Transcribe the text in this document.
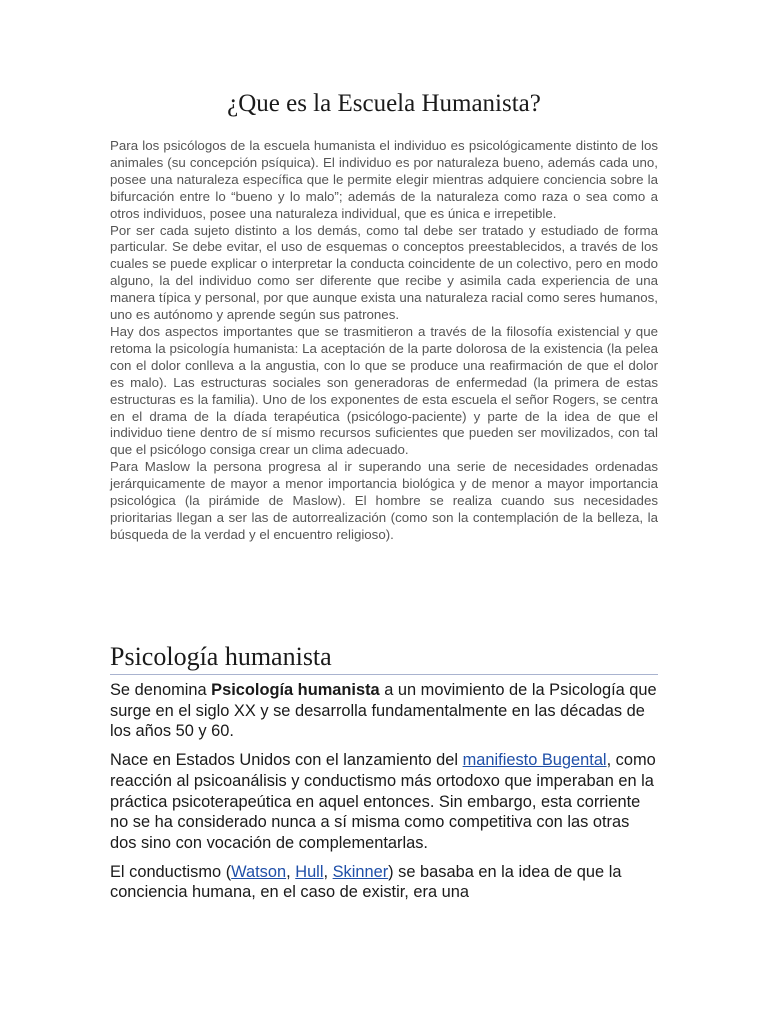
¿Que es la Escuela Humanista?

Para los psicólogos de la escuela humanista el individuo es psicológicamente distinto de los animales (su concepción psíquica). El individuo es por naturaleza bueno, además cada uno, posee una naturaleza específica que le permite elegir mientras adquiere conciencia sobre la bifurcación entre lo “bueno y lo malo”; además de la naturaleza como raza o sea como a otros individuos, posee una naturaleza individual, que es única e irrepetible.

Por ser cada sujeto distinto a los demás, como tal debe ser tratado y estudiado de forma particular. Se debe evitar, el uso de esquemas o conceptos preestablecidos, a través de los cuales se puede explicar o interpretar la conducta coincidente de un colectivo, pero en modo alguno, la del individuo como ser diferente que recibe y asimila cada experiencia de una manera típica y personal, por que aunque exista una naturaleza racial como seres humanos, uno es autónomo y aprende según sus patrones.

Hay dos aspectos importantes que se trasmitieron a través de la filosofía existencial y que retoma la psicología humanista: La aceptación de la parte dolorosa de la existencia (la pelea con el dolor conlleva a la angustia, con lo que se produce una reafirmación de que el dolor es malo). Las estructuras sociales son generadoras de enfermedad (la primera de estas estructuras es la familia). Uno de los exponentes de esta escuela el señor Rogers, se centra en el drama de la díada terapéutica (psicólogo-paciente) y parte de la idea de que el individuo tiene dentro de sí mismo recursos suficientes que pueden ser movilizados, con tal que el psicólogo consiga crear un clima adecuado.

Para Maslow la persona progresa al ir superando una serie de necesidades ordenadas jerárquicamente de mayor a menor importancia biológica y de menor a mayor importancia psicológica (la pirámide de Maslow). El hombre se realiza cuando sus necesidades prioritarias llegan a ser las de autorrealización (como son la contemplación de la belleza, la búsqueda de la verdad y el encuentro religioso).

Psicología humanista

Se denomina Psicología humanista a un movimiento de la Psicología que surge en el siglo XX y se desarrolla fundamentalmente en las décadas de los años 50 y 60.

Nace en Estados Unidos con el lanzamiento del manifiesto Bugental, como reacción al psicoanálisis y conductismo más ortodoxo que imperaban en la práctica psicoterapeútica en aquel entonces. Sin embargo, esta corriente no se ha considerado nunca a sí misma como competitiva con las otras dos sino con vocación de complementarlas.

El conductismo (Watson, Hull, Skinner) se basaba en la idea de que la conciencia humana, en el caso de existir, era una
